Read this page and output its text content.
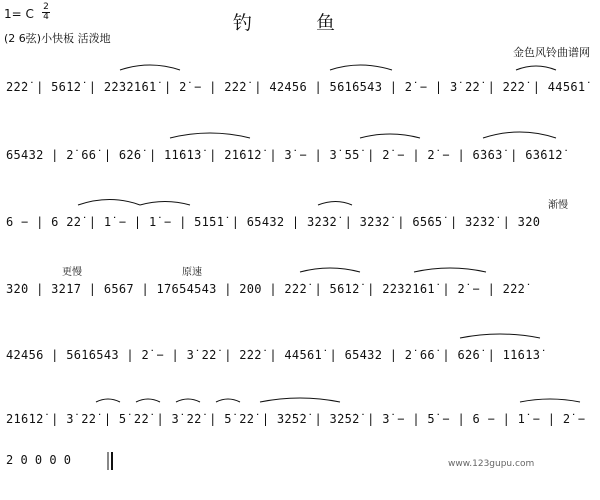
1= C 2
4
(2 6弦)小快板 活泼地
钓	鱼
金色风铃曲谱网
2̇2̇2̇ | 56̇1̇2̇ | 2̇2̇3̇2̇1̇6̇1̇ | 2̇ − | 2̇2̇2̇ | 42456 | 56̇1̇6543 | 2̇ − | 3̇ 2̇2̇ | 2̇2̇2̇ | 4456̇1̇
65432 | 2̇ 66̇ | 6̇2̇6̇ | 1̇1̇6̇1̇3̇ | 2̇1̇6̇1̇2̇ | 3̇ − | 3̇ 5̇5̇ | 2̇ − | 2̇ − | 6̇3̇6̇3̇ | 6̇3̇6̇1̇2̇
6 − | 6 2̇2̇ | 1̇ − | 1̇ − | 5̇1̇5̇1̇ | 65432 | 3̇2̇3̇2̇ | 3̇2̇3̇2̇ | 6̇5̇6̇5̇ | 3̇2̇3̇2̇ | 3̇2̇0
3̇2̇0 | 3̇2̇1̇7 | 6567 | 1̇7654543 | 200 | 2̇2̇2̇ | 56̇1̇2̇ | 2̇2̇3̇2̇1̇6̇1̇ | 2̇ − | 2̇2̇2̇
42456 | 56̇1̇6543 | 2̇ − | 3̇ 2̇2̇ | 2̇2̇2̇ | 4456̇1̇ | 65432 | 2̇ 66̇ | 6̇2̇6̇ | 1̇1̇6̇1̇3̇
2̇1̇6̇1̇2̇ | 3̇ 2̇2̇ | 5̇ 2̇2̇ | 3̇ 2̇2̇ | 5̇ 2̇2̇ | 3̇2̇5̇2̇ | 3̇2̇5̇2̇ | 3̇ − | 5̇ − | 6 − | 1̇ − | 2̇ −
渐慢
更慢	原速
2 0 0 0 0	www.123gupu.com
